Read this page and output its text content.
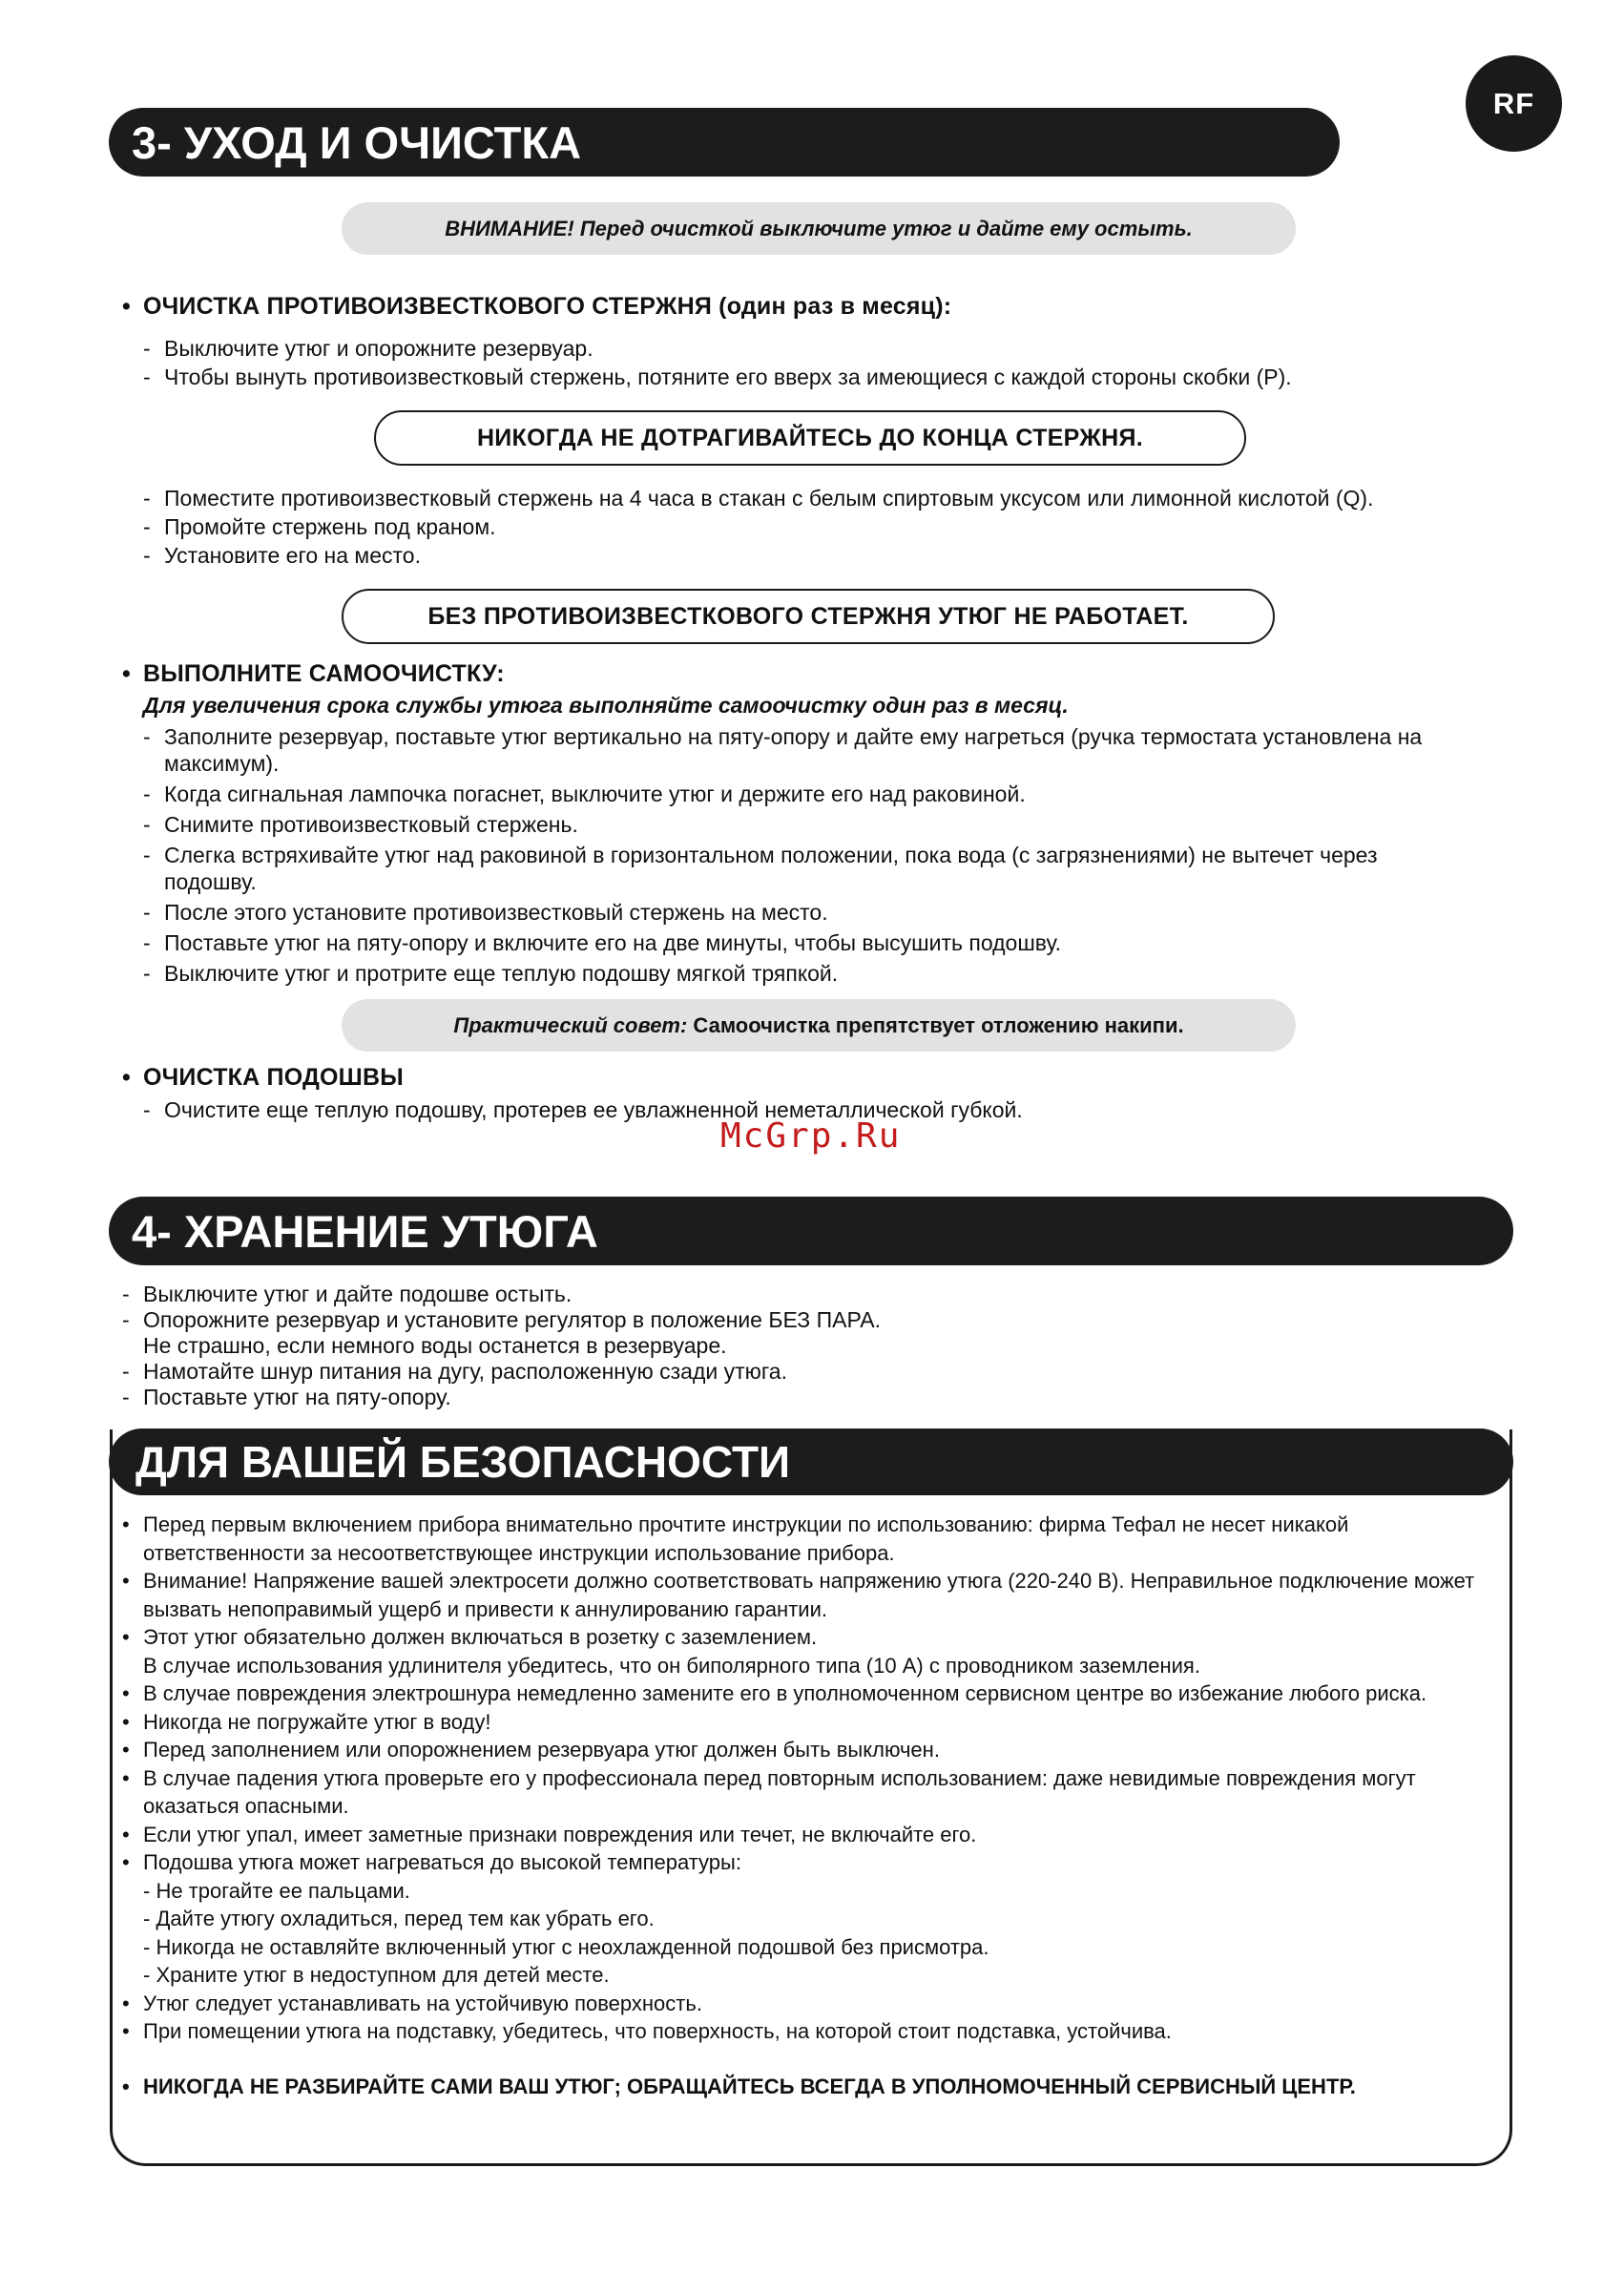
RF
3- УХОД И ОЧИСТКА
ВНИМАНИЕ! Перед очисткой выключите утюг и дайте ему остыть.
• ОЧИСТКА ПРОТИВОИЗВЕСТКОВОГО СТЕРЖНЯ (один раз в месяц):
- Выключите утюг и опорожните резервуар.
- Чтобы вынуть противоизвестковый стержень, потяните его вверх за имеющиеся с каждой стороны скобки (P).
НИКОГДА НЕ ДОТРАГИВАЙТЕСЬ ДО КОНЦА СТЕРЖНЯ.
- Поместите противоизвестковый стержень на 4 часа в стакан с белым спиртовым уксусом или лимонной кислотой (Q).
- Промойте стержень под краном.
- Установите его на место.
БЕЗ ПРОТИВОИЗВЕСТКОВОГО СТЕРЖНЯ УТЮГ НЕ РАБОТАЕТ.
• ВЫПОЛНИТЕ САМООЧИСТКУ:
Для увеличения срока службы утюга выполняйте самоочистку один раз в месяц.
- Заполните резервуар, поставьте утюг вертикально на пяту-опору и дайте ему нагреться (ручка термостата установлена на максимум).
- Когда сигнальная лампочка погаснет, выключите утюг и держите его над раковиной.
- Снимите противоизвестковый стержень.
- Слегка встряхивайте утюг над раковиной в горизонтальном положении, пока вода (с загрязнениями) не вытечет через подошву.
- После этого установите противоизвестковый стержень на место.
- Поставьте утюг на пяту-опору и включите его на две минуты, чтобы высушить подошву.
- Выключите утюг и протрите еще теплую подошву мягкой тряпкой.
Практический совет: Самоочистка препятствует отложению накипи.
• ОЧИСТКА ПОДОШВЫ
- Очистите еще теплую подошву, протерев ее увлажненной неметаллической губкой.
McGrp.Ru
4- ХРАНЕНИЕ УТЮГА
- Выключите утюг и дайте подошве остыть.
- Опорожните резервуар и установите регулятор в положение БЕЗ ПАРА.
Не страшно, если немного воды останется в резервуаре.
- Намотайте шнур питания на дугу, расположенную сзади утюга.
- Поставьте утюг на пяту-опору.
ДЛЯ ВАШЕЙ БЕЗОПАСНОСТИ
• Перед первым включением прибора внимательно прочтите инструкции по использованию: фирма Тефал не несет никакой ответственности за несоответствующее инструкции использование прибора.
• Внимание! Напряжение вашей электросети должно соответствовать напряжению утюга (220-240 В). Неправильное подключение может вызвать непоправимый ущерб и привести к аннулированию гарантии.
• Этот утюг обязательно должен включаться в розетку с заземлением.
В случае использования удлинителя убедитесь, что он биполярного типа (10 А) с проводником заземления.
• В случае повреждения электрошнура немедленно замените его в уполномоченном сервисном центре во избежание любого риска.
• Никогда не погружайте утюг в воду!
• Перед заполнением или опорожнением резервуара утюг должен быть выключен.
• В случае падения утюга проверьте его у профессионала перед повторным использованием: даже невидимые повреждения могут оказаться опасными.
• Если утюг упал, имеет заметные признаки повреждения или течет, не включайте его.
• Подошва утюга может нагреваться до высокой температуры:
- Не трогайте ее пальцами.
- Дайте утюгу охладиться, перед тем как убрать его.
- Никогда не оставляйте включенный утюг с неохлажденной подошвой без присмотра.
- Храните утюг в недоступном для детей месте.
• Утюг следует устанавливать на устойчивую поверхность.
• При помещении утюга на подставку, убедитесь, что поверхность, на которой стоит подставка, устойчива.
• НИКОГДА НЕ РАЗБИРАЙТЕ САМИ ВАШ УТЮГ; ОБРАЩАЙТЕСЬ ВСЕГДА В УПОЛНОМОЧЕННЫЙ СЕРВИСНЫЙ ЦЕНТР.
